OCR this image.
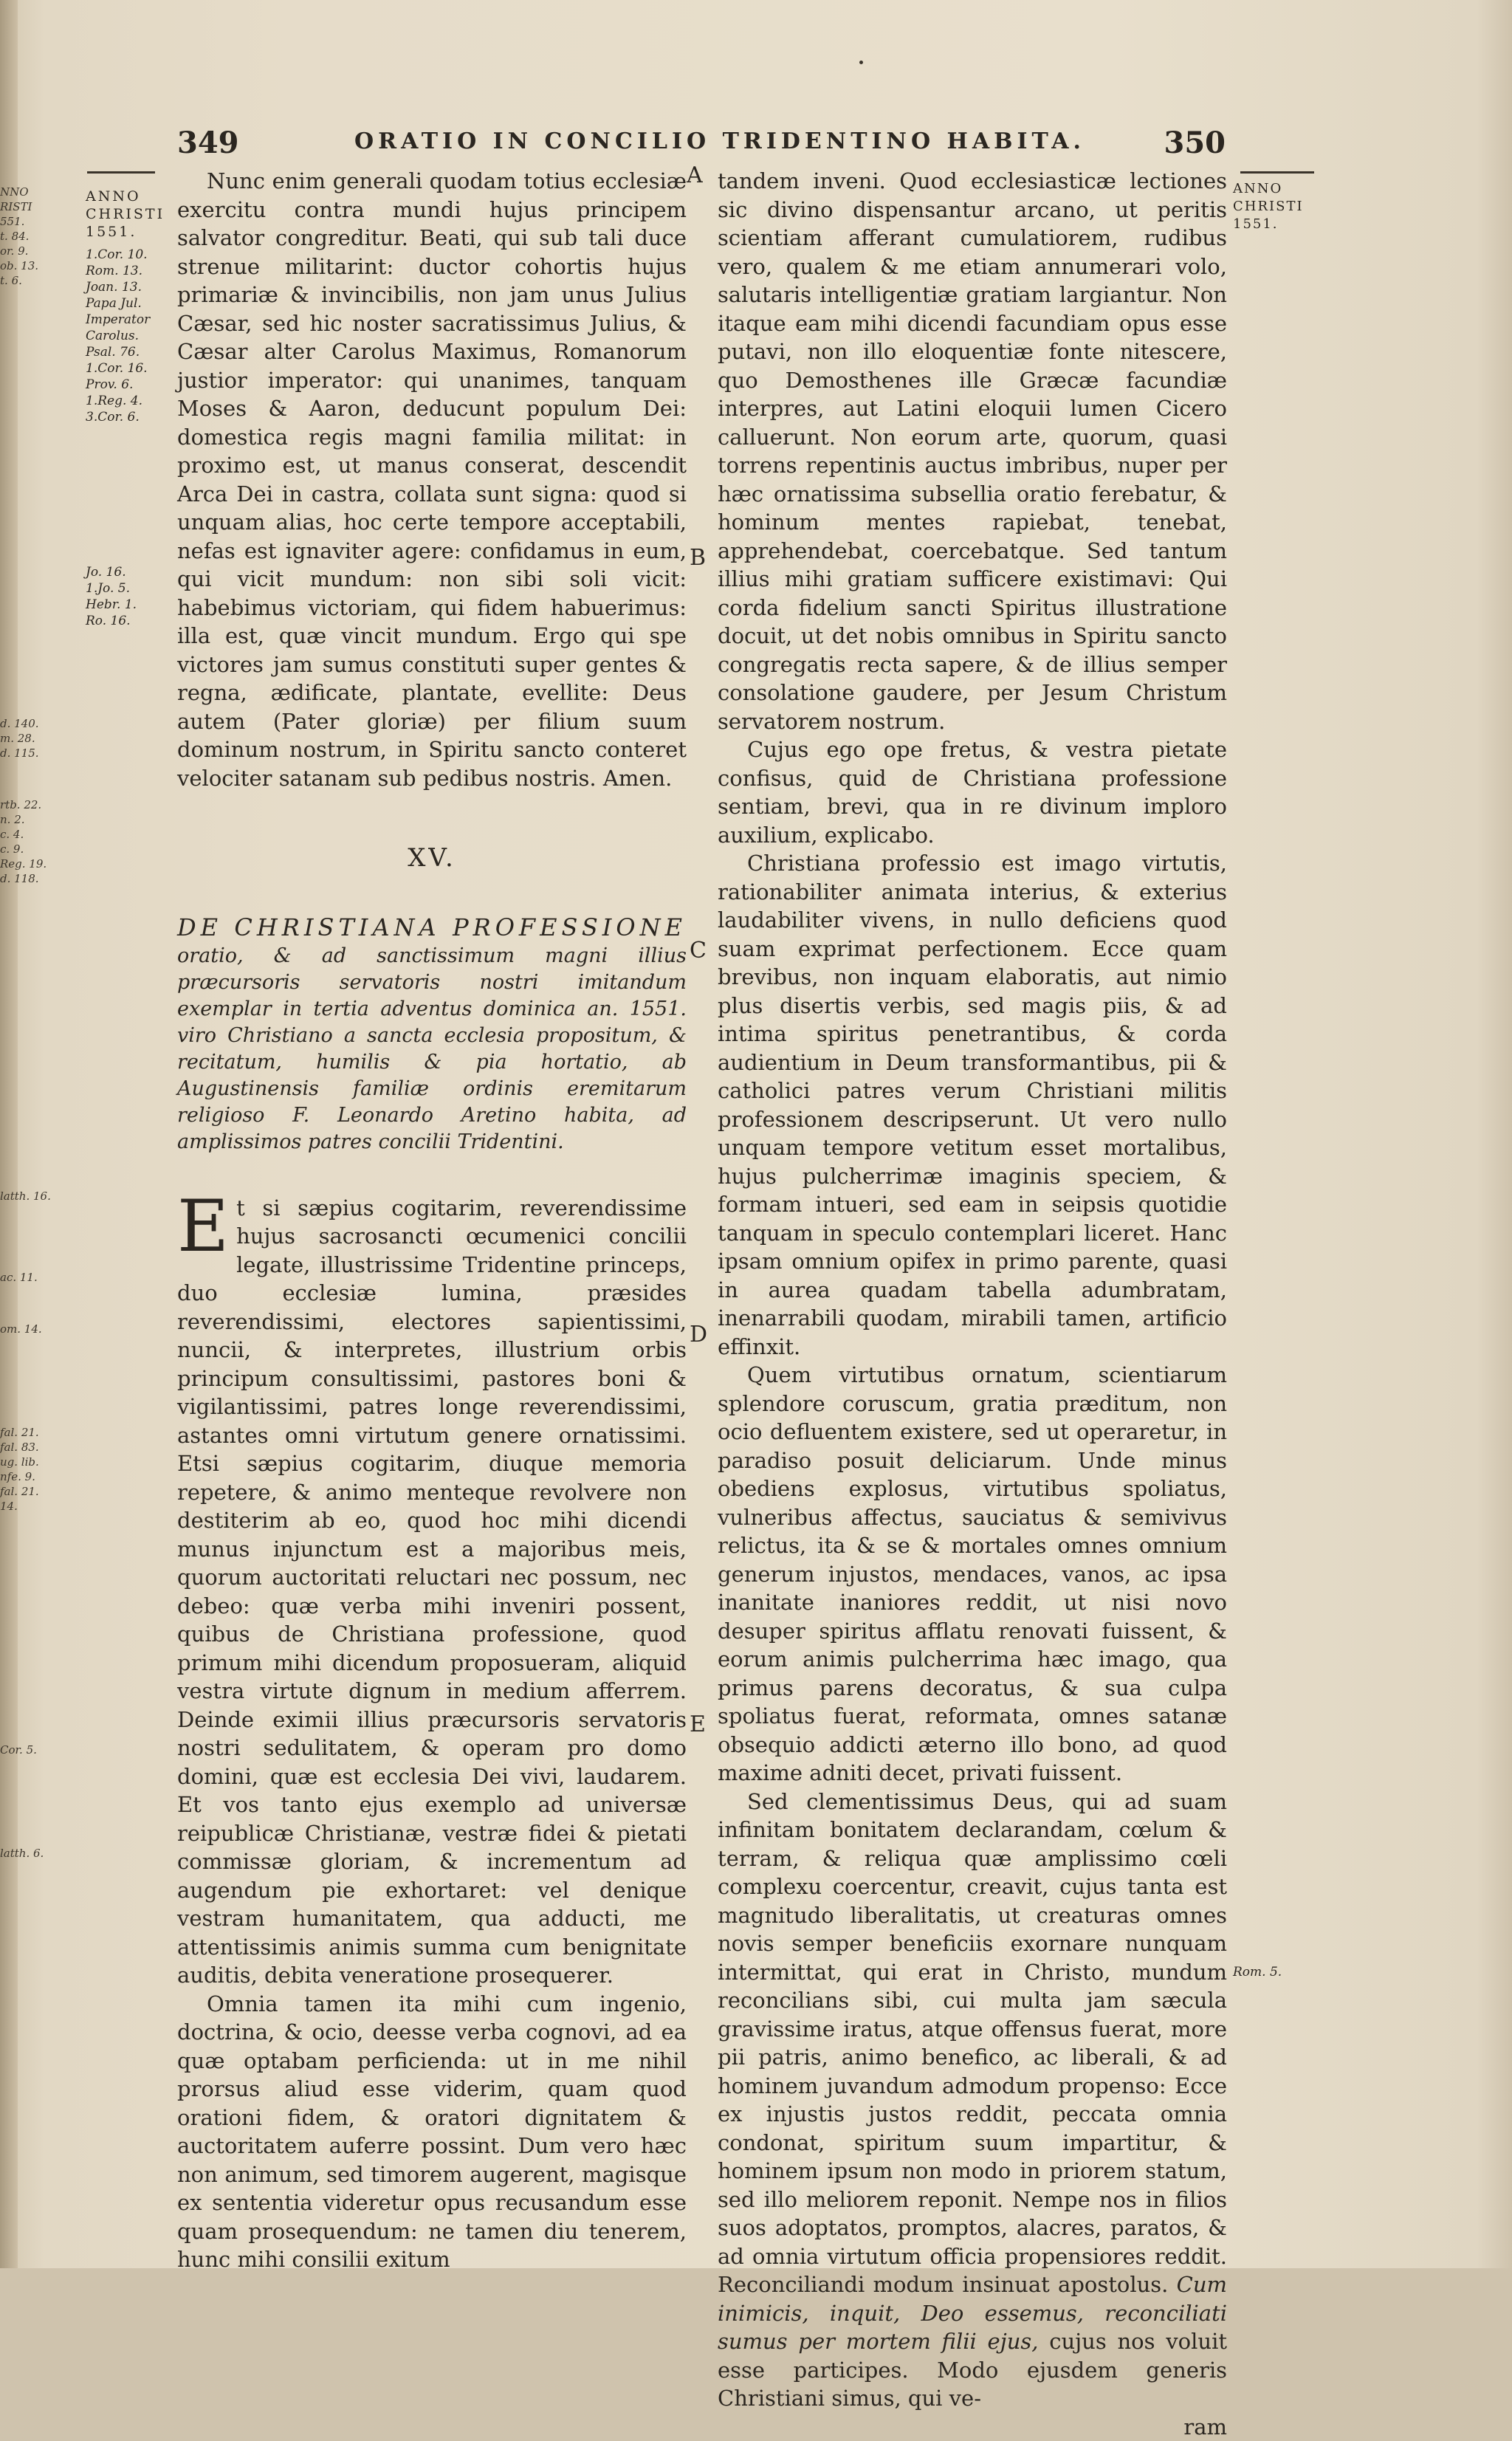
349	ORATIO IN CONCILIO TRIDENTINO HABITA.	350
NNO
RISTI
551.
t. 84.
or. 9.
ob. 13.
t. 6.
d. 140.
m. 28.
d. 115.
rtb. 22.
n. 2.
c. 4.
c. 9.
Reg. 19.
d. 118.
latth. 16.
ac. 11.
om. 14.
fal. 21.
fal. 83.
ug. lib.
nfe. 9.
fal. 21. 14.
Cor. 5.
latth. 6.
ANNO CHRISTI 1551.
1.Cor. 10.
Rom. 13.
Joan. 13.
Papa Jul.
Imperator Carolus.
Psal. 76.
1.Cor. 16.
Prov. 6.
1.Reg. 4.
3.Cor. 6.
Jo. 16.
1.Jo. 5.
Hebr. 1.
Ro. 16.
ANNO CHRISTI 1551.
Rom. 5.
A
B
C
D
E

Nunc enim generali quodam totius ecclesiæ exercitu contra mundi hujus principem salvator congreditur. Beati, qui sub tali duce strenue militarint: ductor cohortis hujus primariæ & invincibilis, non jam unus Julius Cæsar, sed hic noster sacratissimus Julius, & Cæsar alter Carolus Maximus, Romanorum justior imperator: qui unanimes, tanquam Moses & Aaron, deducunt populum Dei: domestica regis magni familia militat: in proximo est, ut manus conserat, descendit Arca Dei in castra, collata sunt signa: quod si unquam alias, hoc certe tempore acceptabili, nefas est ignaviter agere: confidamus in eum, qui vicit mundum: non sibi soli vicit: habebimus victoriam, qui fidem habuerimus: illa est, quæ vincit mundum. Ergo qui spe victores jam sumus constituti super gentes & regna, ædificate, plantate, evellite: Deus autem (Pater gloriæ) per filium suum dominum nostrum, in Spiritu sancto conteret velociter satanam sub pedibus nostris. Amen.

XV.
DE CHRISTIANA PROFESSIONE oratio, & ad sanctissimum magni illius præcursoris servatoris nostri imitandum exemplar in tertia adventus dominica an. 1551. viro Christiano a sancta ecclesia propositum, & recitatum, humilis & pia hortatio, ab Augustinensis familiæ ordinis eremitarum religioso F. Leonardo Aretino habita, ad amplissimos patres concilii Tridentini.

Et si sæpius cogitarim, reverendissime hujus sacrosancti œcumenici concilii legate, illustrissime Tridentine princeps, duo ecclesiæ lumina, præsides reverendissimi, electores sapientissimi, nuncii, & interpretes, illustrium orbis principum consultissimi, pastores boni & vigilantissimi, patres longe reverendissimi, astantes omni virtutum genere ornatissimi. Etsi sæpius cogitarim, diuque memoria repetere, & animo menteque revolvere non destiterim ab eo, quod hoc mihi dicendi munus injunctum est a majoribus meis, quorum auctoritati reluctari nec possum, nec debeo: quæ verba mihi inveniri possent, quibus de Christiana professione, quod primum mihi dicendum proposueram, aliquid vestra virtute dignum in medium afferrem. Deinde eximii illius præcursoris servatoris nostri sedulitatem, & operam pro domo domini, quæ est ecclesia Dei vivi, laudarem. Et vos tanto ejus exemplo ad universæ reipublicæ Christianæ, vestræ fidei & pietati commissæ gloriam, & incrementum ad augendum pie exhortaret: vel denique vestram humanitatem, qua adducti, me attentissimis animis summa cum benignitate auditis, debita veneratione prosequerer.

Omnia tamen ita mihi cum ingenio, doctrina, & ocio, deesse verba cognovi, ad ea quæ optabam perficienda: ut in me nihil prorsus aliud esse viderim, quam quod orationi fidem, & oratori dignitatem & auctoritatem auferre possint. Dum vero hæc non animum, sed timorem augerent, magisque ex sententia videretur opus recusandum esse quam prosequendum: ne tamen diu tenerem, hunc mihi consilii exitum

tandem inveni. Quod ecclesiasticæ lectiones sic divino dispensantur arcano, ut peritis scientiam afferant cumulatiorem, rudibus vero, qualem & me etiam annumerari volo, salutaris intelligentiæ gratiam largiantur. Non itaque eam mihi dicendi facundiam opus esse putavi, non illo eloquentiæ fonte nitescere, quo Demosthenes ille Græcæ facundiæ interpres, aut Latini eloquii lumen Cicero calluerunt. Non eorum arte, quorum, quasi torrens repentinis auctus imbribus, nuper per hæc ornatissima subsellia oratio ferebatur, & hominum mentes rapiebat, tenebat, apprehendebat, coercebatque. Sed tantum illius mihi gratiam sufficere existimavi: Qui corda fidelium sancti Spiritus illustratione docuit, ut det nobis omnibus in Spiritu sancto congregatis recta sapere, & de illius semper consolatione gaudere, per Jesum Christum servatorem nostrum.

Cujus ego ope fretus, & vestra pietate confisus, quid de Christiana professione sentiam, brevi, qua in re divinum imploro auxilium, explicabo.

Christiana professio est imago virtutis, rationabiliter animata interius, & exterius laudabiliter vivens, in nullo deficiens quod suam exprimat perfectionem. Ecce quam brevibus, non inquam elaboratis, aut nimio plus disertis verbis, sed magis piis, & ad intima spiritus penetrantibus, & corda audientium in Deum transformantibus, pii & catholici patres verum Christiani militis professionem descripserunt. Ut vero nullo unquam tempore vetitum esset mortalibus, hujus pulcherrimæ imaginis speciem, & formam intueri, sed eam in seipsis quotidie tanquam in speculo contemplari liceret. Hanc ipsam omnium opifex in primo parente, quasi in aurea quadam tabella adumbratam, inenarrabili quodam, mirabili tamen, artificio effinxit.

Quem virtutibus ornatum, scientiarum splendore coruscum, gratia præditum, non ocio defluentem existere, sed ut operaretur, in paradiso posuit deliciarum. Unde minus obediens explosus, virtutibus spoliatus, vulneribus affectus, sauciatus & semivivus relictus, ita & se & mortales omnes omnium generum injustos, mendaces, vanos, ac ipsa inanitate inaniores reddit, ut nisi novo desuper spiritus afflatu renovati fuissent, & eorum animis pulcherrima hæc imago, qua primus parens decoratus, & sua culpa spoliatus fuerat, reformata, omnes satanæ obsequio addicti æterno illo bono, ad quod maxime adniti decet, privati fuissent.

Sed clementissimus Deus, qui ad suam infinitam bonitatem declarandam, cœlum & terram, & reliqua quæ amplissimo cœli complexu coercentur, creavit, cujus tanta est magnitudo liberalitatis, ut creaturas omnes novis semper beneficiis exornare nunquam intermittat, qui erat in Christo, mundum reconcilians sibi, cui multa jam sæcula gravissime iratus, atque offensus fuerat, more pii patris, animo benefico, ac liberali, & ad hominem juvandum admodum propenso: Ecce ex injustis justos reddit, peccata omnia condonat, spiritum suum impartitur, & hominem ipsum non modo in priorem statum, sed illo meliorem reponit. Nempe nos in filios suos adoptatos, promptos, alacres, paratos, & ad omnia virtutum officia propensiores reddit. Reconciliandi modum insinuat apostolus. Cum inimicis, inquit, Deo essemus, reconciliati sumus per mortem filii ejus, cujus nos voluit esse participes. Modo ejusdem generis Christiani simus, qui ve-

ram
